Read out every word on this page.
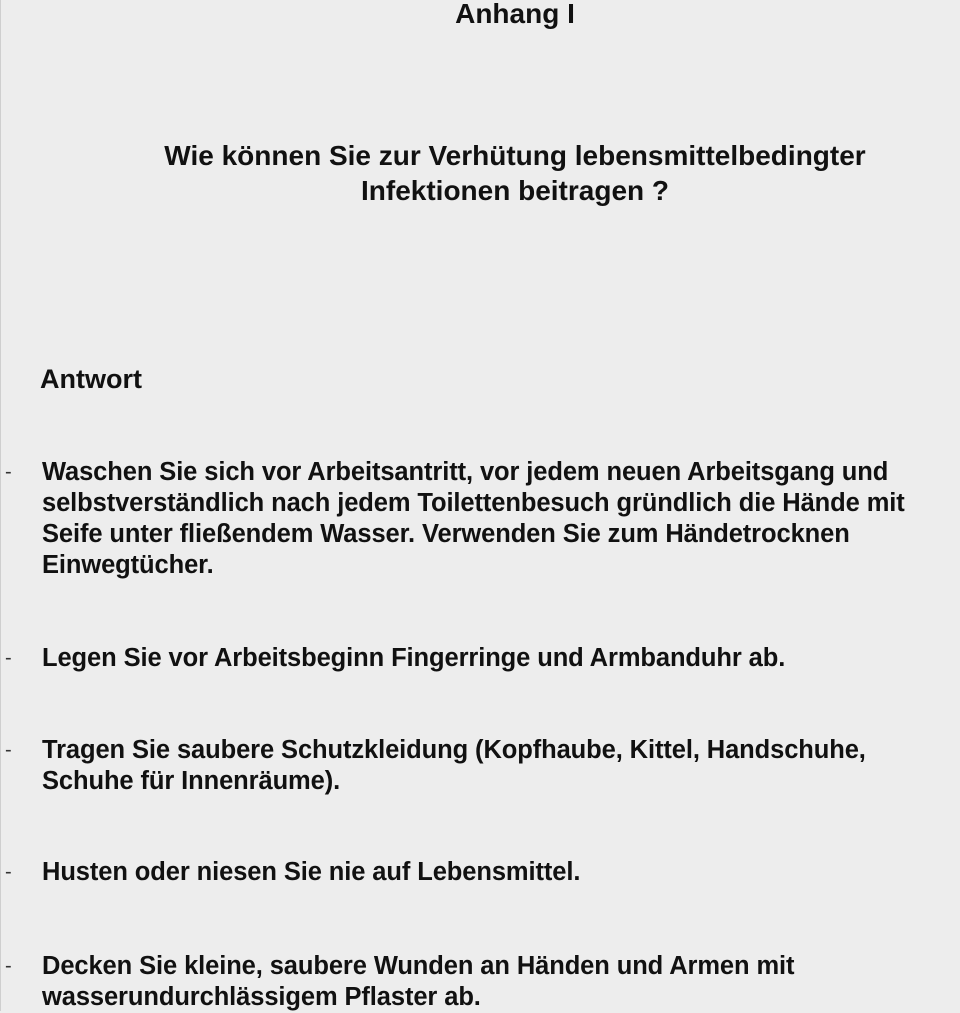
Anhang I
Wie können Sie zur Verhütung lebensmittelbedingter
Infektionen beitragen ?
Antwort
- Waschen Sie sich vor Arbeitsantritt, vor jedem neuen Arbeitsgang und
selbstverständlich nach jedem Toilettenbesuch gründlich die Hände mit
Seife unter fließendem Wasser. Verwenden Sie zum Händetrocknen
Einwegtücher.
- Legen Sie vor Arbeitsbeginn Fingerringe und Armbanduhr ab.
- Tragen Sie saubere Schutzkleidung (Kopfhaube, Kittel, Handschuhe,
Schuhe für Innenräume).
- Husten oder niesen Sie nie auf Lebensmittel.
- Decken Sie kleine, saubere Wunden an Händen und Armen mit
wasserundurchlässigem Pflaster ab.
